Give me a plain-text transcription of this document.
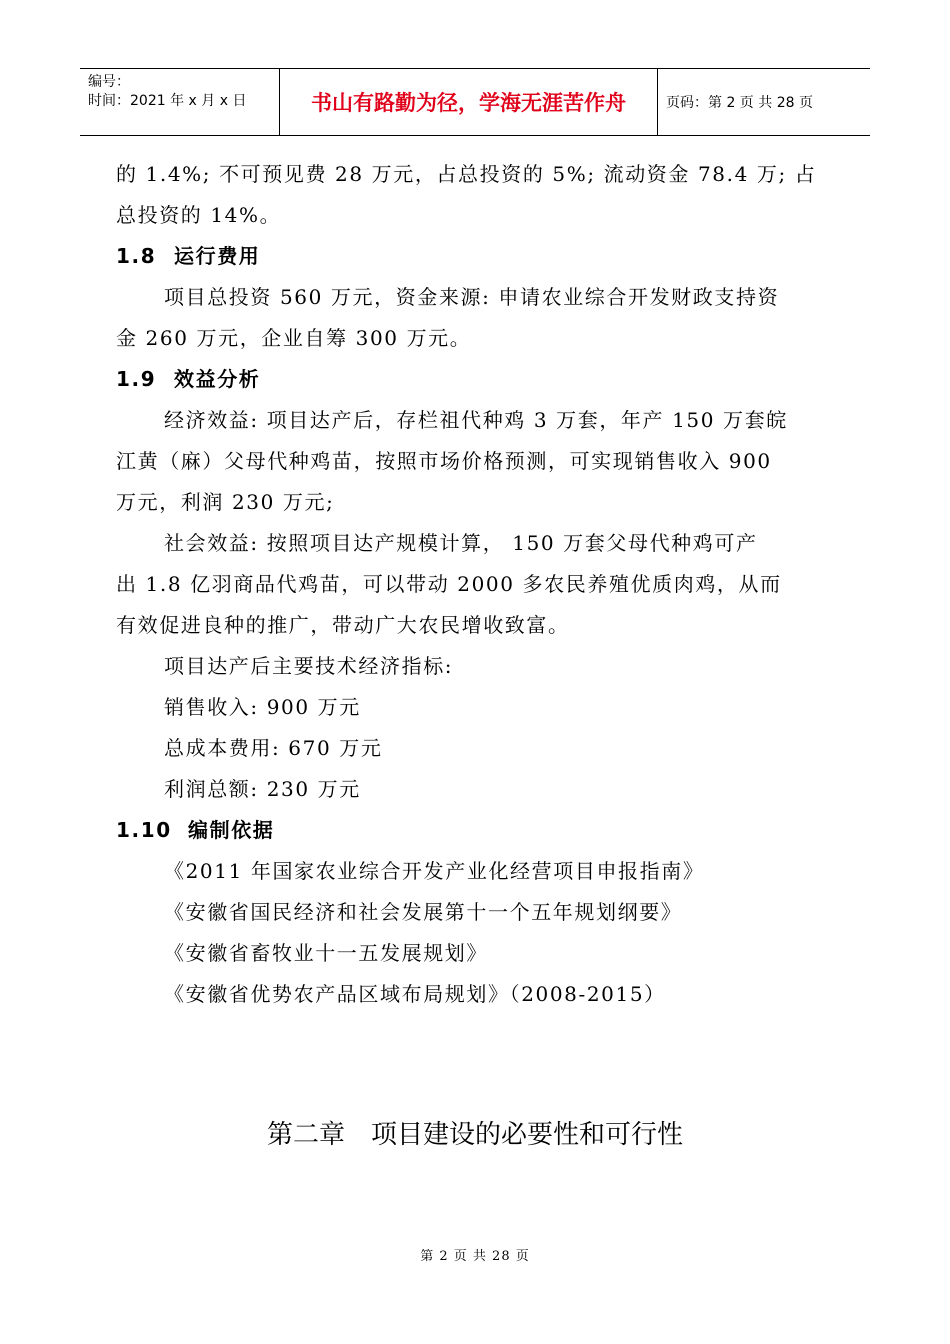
编号：
时间：2021 年 x 月 x 日	书山有路勤为径，学海无涯苦作舟	页码：第 2 页 共 28 页
的 1.4%; 不可预见费 28 万元，占总投资的 5%; 流动资金 78.4 万; 占
总投资的 14%。
1.8 运行费用
项目总投资 560 万元，资金来源: 申请农业综合开发财政支持资
金 260 万元，企业自筹 300 万元。
1.9 效益分析
经济效益: 项目达产后，存栏祖代种鸡 3 万套，年产 150 万套皖
江黄（麻）父母代种鸡苗，按照市场价格预测，可实现销售收入 900
万元，利润 230 万元;
社会效益: 按照项目达产规模计算， 150 万套父母代种鸡可产
出 1.8 亿羽商品代鸡苗，可以带动 2000 多农民养殖优质肉鸡，从而
有效促进良种的推广，带动广大农民增收致富。
项目达产后主要技术经济指标:
销售收入: 900 万元
总成本费用: 670 万元
利润总额: 230 万元
1.10 编制依据
《2011 年国家农业综合开发产业化经营项目申报指南》
《安徽省国民经济和社会发展第十一个五年规划纲要》
《安徽省畜牧业十一五发展规划》
《安徽省优势农产品区域布局规划》（2008-2015）
第二章　项目建设的必要性和可行性
第 2 页 共 28 页
